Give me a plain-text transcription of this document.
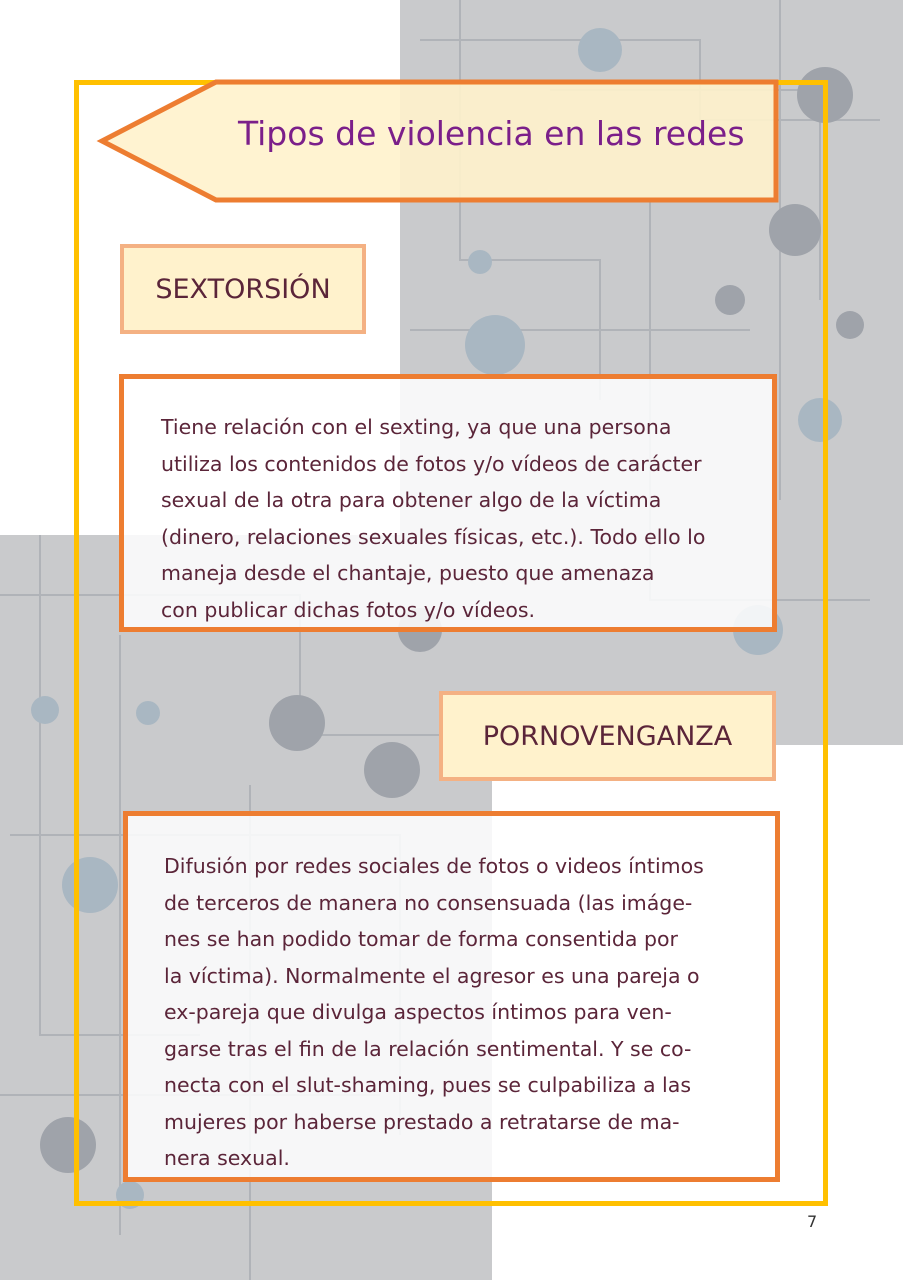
Tipos de violencia en las redes
SEXTORSIÓN
Tiene relación con el sexting, ya que una persona
utiliza los contenidos de fotos y/o vídeos de carácter
sexual de la otra para obtener algo de la víctima
(dinero, relaciones sexuales físicas, etc.). Todo ello lo
maneja desde el chantaje, puesto que amenaza
con publicar dichas fotos y/o vídeos.
PORNOVENGANZA
Difusión por redes sociales de fotos o videos íntimos
de terceros de manera no consensuada (las imáge-
nes se han podido tomar de forma consentida por
la víctima). Normalmente el agresor es una pareja o
ex-pareja que divulga aspectos íntimos para ven-
garse tras el fin de la relación sentimental. Y se co-
necta con el slut-shaming, pues se culpabiliza a las
mujeres por haberse prestado a retratarse de ma-
nera sexual.
7
